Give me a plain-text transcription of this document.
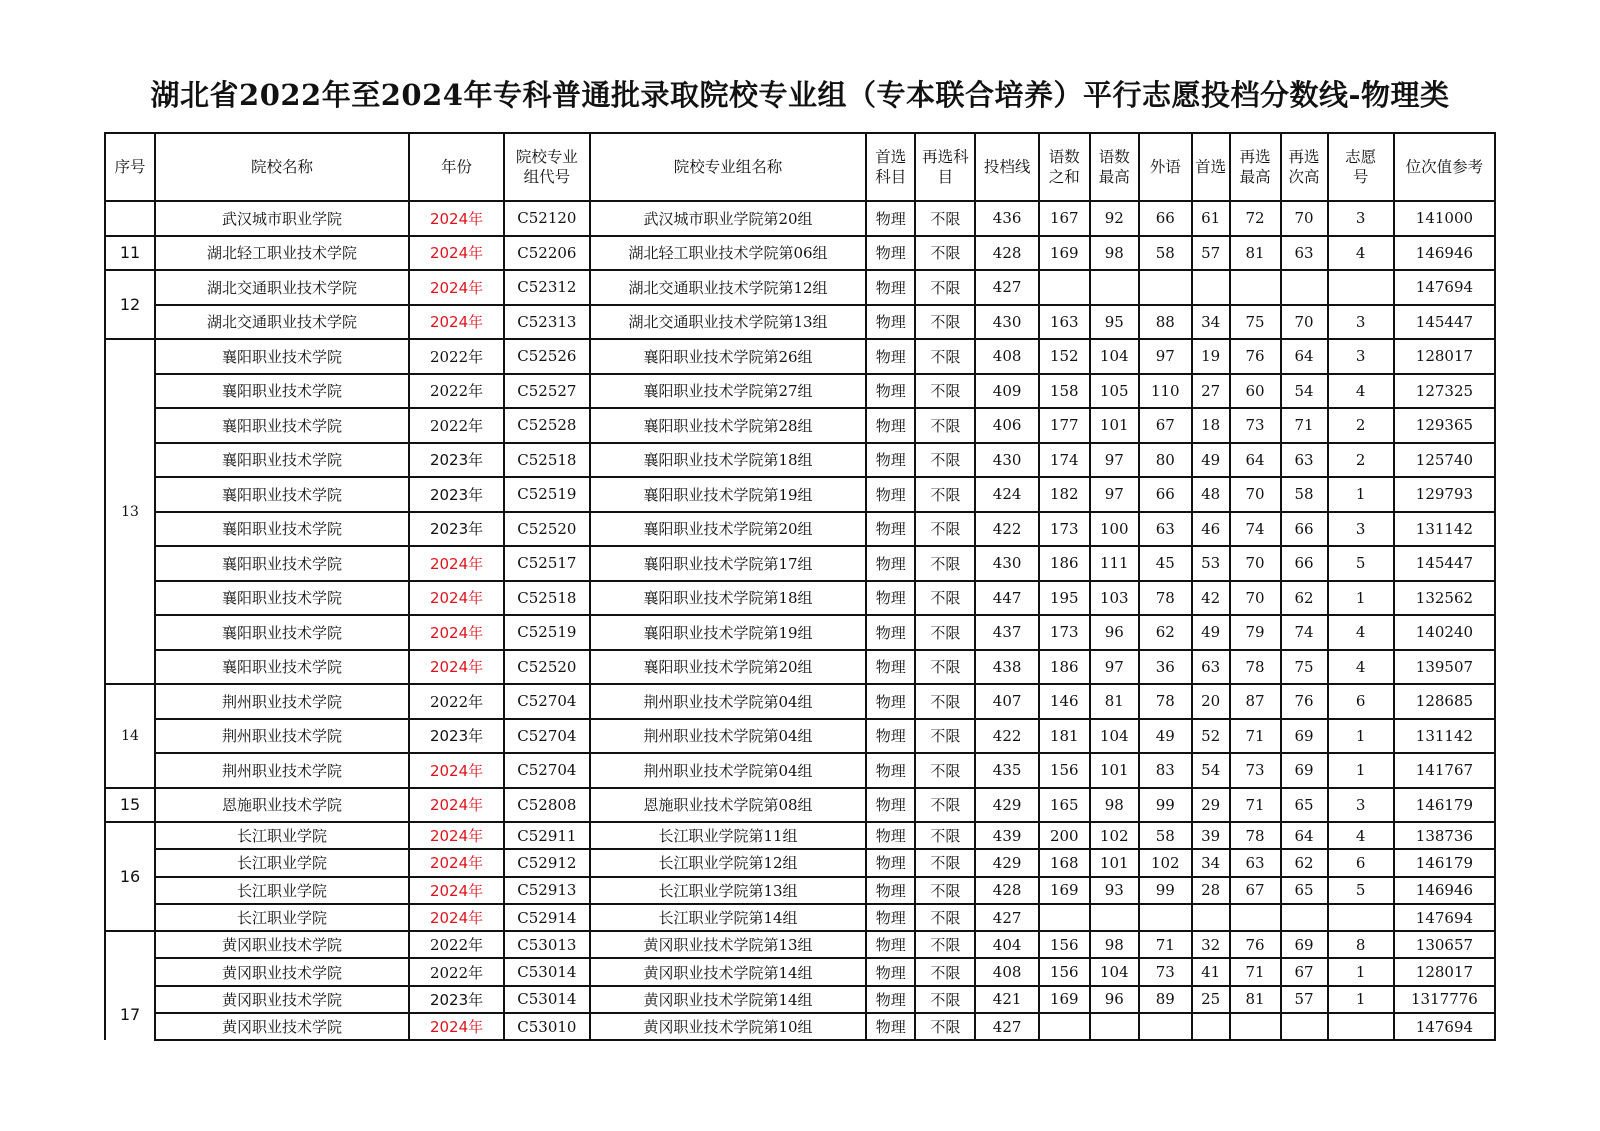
湖北省2022年至2024年专科普通批录取院校专业组（专本联合培养）平行志愿投档分数线-物理类
序号	院校名称	年份	院校专业组代号	院校专业组名称	首选科目	再选科目	投档线	语数之和	语数最高	外语	首选	再选最高	再选次高	志愿号	位次值参考
	武汉城市职业学院	2024年	C52120	武汉城市职业学院第20组	物理	不限	436	167	92	66	61	72	70	3	141000
11	湖北轻工职业技术学院	2024年	C52206	湖北轻工职业技术学院第06组	物理	不限	428	169	98	58	57	81	63	4	146946
12	湖北交通职业技术学院	2024年	C52312	湖北交通职业技术学院第12组	物理	不限	427								147694
	湖北交通职业技术学院	2024年	C52313	湖北交通职业技术学院第13组	物理	不限	430	163	95	88	34	75	70	3	145447
13	襄阳职业技术学院	2022年	C52526	襄阳职业技术学院第26组	物理	不限	408	152	104	97	19	76	64	3	128017
	襄阳职业技术学院	2022年	C52527	襄阳职业技术学院第27组	物理	不限	409	158	105	110	27	60	54	4	127325
	襄阳职业技术学院	2022年	C52528	襄阳职业技术学院第28组	物理	不限	406	177	101	67	18	73	71	2	129365
	襄阳职业技术学院	2023年	C52518	襄阳职业技术学院第18组	物理	不限	430	174	97	80	49	64	63	2	125740
	襄阳职业技术学院	2023年	C52519	襄阳职业技术学院第19组	物理	不限	424	182	97	66	48	70	58	1	129793
	襄阳职业技术学院	2023年	C52520	襄阳职业技术学院第20组	物理	不限	422	173	100	63	46	74	66	3	131142
	襄阳职业技术学院	2024年	C52517	襄阳职业技术学院第17组	物理	不限	430	186	111	45	53	70	66	5	145447
	襄阳职业技术学院	2024年	C52518	襄阳职业技术学院第18组	物理	不限	447	195	103	78	42	70	62	1	132562
	襄阳职业技术学院	2024年	C52519	襄阳职业技术学院第19组	物理	不限	437	173	96	62	49	79	74	4	140240
	襄阳职业技术学院	2024年	C52520	襄阳职业技术学院第20组	物理	不限	438	186	97	36	63	78	75	4	139507
14	荆州职业技术学院	2022年	C52704	荆州职业技术学院第04组	物理	不限	407	146	81	78	20	87	76	6	128685
	荆州职业技术学院	2023年	C52704	荆州职业技术学院第04组	物理	不限	422	181	104	49	52	71	69	1	131142
	荆州职业技术学院	2024年	C52704	荆州职业技术学院第04组	物理	不限	435	156	101	83	54	73	69	1	141767
15	恩施职业技术学院	2024年	C52808	恩施职业技术学院第08组	物理	不限	429	165	98	99	29	71	65	3	146179
16	长江职业学院	2024年	C52911	长江职业学院第11组	物理	不限	439	200	102	58	39	78	64	4	138736
	长江职业学院	2024年	C52912	长江职业学院第12组	物理	不限	429	168	101	102	34	63	62	6	146179
	长江职业学院	2024年	C52913	长江职业学院第13组	物理	不限	428	169	93	99	28	67	65	5	146946
	长江职业学院	2024年	C52914	长江职业学院第14组	物理	不限	427								147694
17	黄冈职业技术学院	2022年	C53013	黄冈职业技术学院第13组	物理	不限	404	156	98	71	32	76	69	8	130657
	黄冈职业技术学院	2022年	C53014	黄冈职业技术学院第14组	物理	不限	408	156	104	73	41	71	67	1	128017
	黄冈职业技术学院	2023年	C53014	黄冈职业技术学院第14组	物理	不限	421	169	96	89	25	81	57	1	1317776
	黄冈职业技术学院	2024年	C53010	黄冈职业技术学院第10组	物理	不限	427								147694
